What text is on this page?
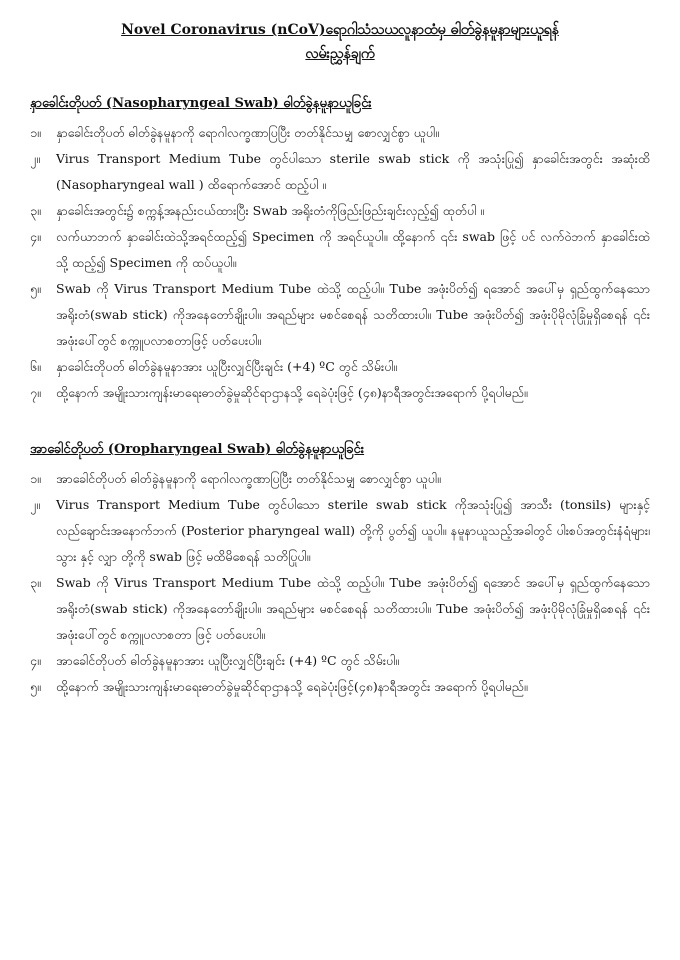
Novel Coronavirus (nCoV)ရောဂါသံသယလူနာထံမှ ဓါတ်ခွဲနမူနာများယူရန်
လမ်းညွှန်ချက်
နှာခေါင်းတိုပတ် (Nasopharyngeal Swab) ဓါတ်ခွဲနမူနာယူခြင်း
၁။	နှာခေါင်းတိုပတ် ဓါတ်ခွဲနမူနာကို ရောဂါလက္ခဏာပြပြီး တတ်နိုင်သမျှ စောလျှင်စွာ ယူပါ။
၂။	Virus Transport Medium Tube တွင်ပါသော sterile swab stick ကို အသုံးပြု၍ နှာခေါင်းအတွင်း အဆုံးထိ (Nasopharyngeal wall ) ထိရောက်အောင် ထည့်ပါ ။
၃။	နှာခေါင်းအတွင်း၌ စက္ကန့်အနည်းငယ်ထားပြီး Swab အရိုးတံကိုဖြည်းဖြည်းချင်းလှည့်၍ ထုတ်ပါ ။
၄။	လက်ယာဘက် နှာခေါင်းထဲသို့အရင်ထည့်၍ Specimen ကို အရင်ယူပါ။ ထို့နောက် ၎င်း swab ဖြင့် ပင် လက်ဝဲဘက် နှာခေါင်းထဲသို့ ထည့်၍ Specimen ကို ထပ်ယူပါ။
၅။	Swab ကို Virus Transport Medium Tube ထဲသို့ ထည့်ပါ။ Tube အဖုံးပိတ်၍ ရအောင် အပေါ်မှ ရှည်ထွက်နေသော အရိုးတံ(swab stick) ကိုအနေတော်ချိုးပါ။ အရည်များ မစင်စေရန် သတိထားပါ။ Tube အဖုံးပိတ်၍ အဖုံးပိုမိုလုံခြုံမှုရှိစေရန် ၎င်းအဖုံးပေါ်တွင် စက္ကူပလာစတာဖြင့် ပတ်ပေးပါ။
၆။	နှာခေါင်းတိုပတ် ဓါတ်ခွဲနမူနာအား ယူပြီးလျှင်ပြီးချင်း (+4) ºC တွင် သိမ်းပါ။
၇။	ထို့နောက် အမျိုးသားကျန်းမာရေးဓာတ်ခွဲမှုဆိုင်ရာဌာနသို့ ရေခဲပုံးဖြင့် (၄၈)နာရီအတွင်းအရောက် ပို့ရပါမည်။
အာခေါင်တိုပတ် (Oropharyngeal Swab) ဓါတ်ခွဲနမူနာယူခြင်း
၁။	အာခေါင်တိုပတ် ဓါတ်ခွဲနမူနာကို ရောဂါလက္ခဏာပြပြီး တတ်နိုင်သမျှ စောလျှင်စွာ ယူပါ။
၂။	Virus Transport Medium Tube တွင်ပါသော sterile swab stick ကိုအသုံးပြု၍ အာသီး (tonsils) များနှင့် လည်ချောင်းအနောက်ဘက် (Posterior pharyngeal wall) တို့ကို ပွတ်၍ ယူပါ။ နမူနာယူသည့်အခါတွင် ပါးစပ်အတွင်းနံရံများ၊ သွား နှင့် လျှာ တို့ကို swab ဖြင့် မထိမိစေရန် သတိပြုပါ။
၃။	Swab ကို Virus Transport Medium Tube ထဲသို့ ထည့်ပါ။ Tube အဖုံးပိတ်၍ ရအောင် အပေါ်မှ ရှည်ထွက်နေသော အရိုးတံ(swab stick) ကိုအနေတော်ချိုးပါ။ အရည်များ မစင်စေရန် သတိထားပါ။ Tube အဖုံးပိတ်၍ အဖုံးပိုမိုလုံခြုံမှုရှိစေရန် ၎င်းအဖုံးပေါ်တွင် စက္ကူပလာစတာ ဖြင့် ပတ်ပေးပါ။
၄။	အာခေါင်တိုပတ် ဓါတ်ခွဲနမူနာအား ယူပြီးလျှင်ပြီးချင်း (+4) ºC တွင် သိမ်းပါ။
၅။	ထို့နောက် အမျိုးသားကျန်းမာရေးဓာတ်ခွဲမှုဆိုင်ရာဌာနသို့ ရေခဲပုံးဖြင့်(၄၈)နာရီအတွင်း အရောက် ပို့ရပါမည်။
